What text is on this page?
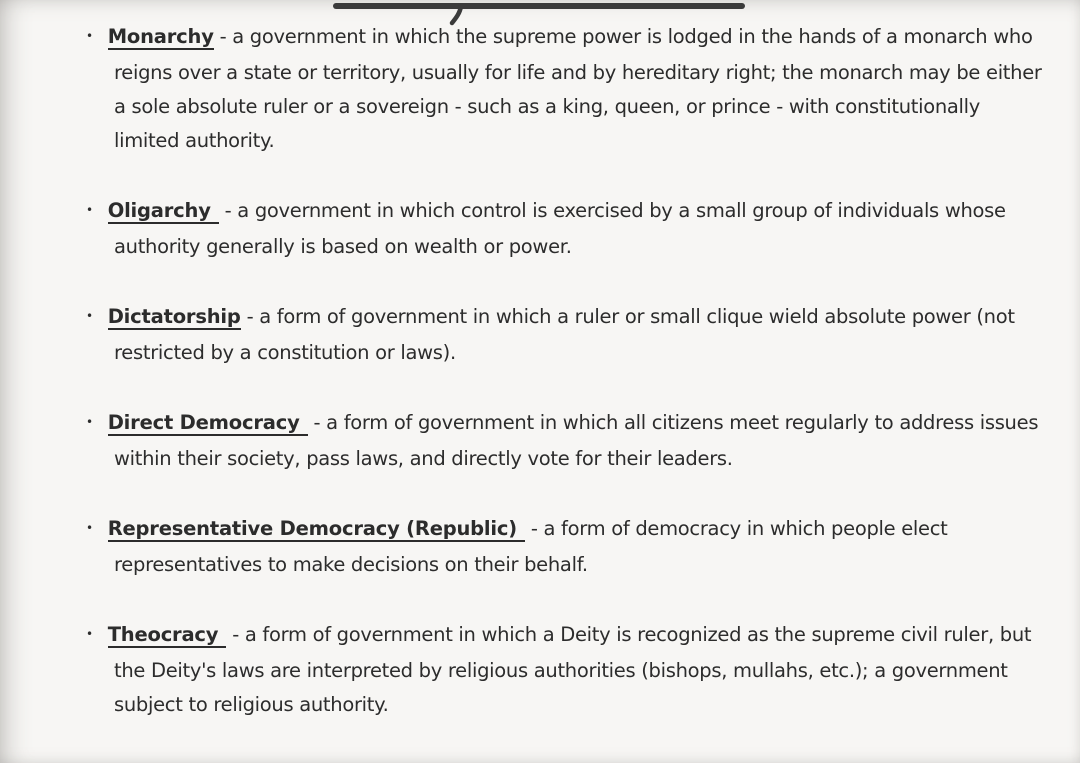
• Monarchy - a government in which the supreme power is lodged in the hands of a monarch who reigns over a state or territory, usually for life and by hereditary right; the monarch may be either a sole absolute ruler or a sovereign - such as a king, queen, or prince - with constitutionally limited authority.

• Oligarchy - a government in which control is exercised by a small group of individuals whose authority generally is based on wealth or power.

• Dictatorship - a form of government in which a ruler or small clique wield absolute power (not restricted by a constitution or laws).

• Direct Democracy - a form of government in which all citizens meet regularly to address issues within their society, pass laws, and directly vote for their leaders.

• Representative Democracy (Republic) - a form of democracy in which people elect representatives to make decisions on their behalf.

• Theocracy - a form of government in which a Deity is recognized as the supreme civil ruler, but the Deity's laws are interpreted by religious authorities (bishops, mullahs, etc.); a government subject to religious authority.
